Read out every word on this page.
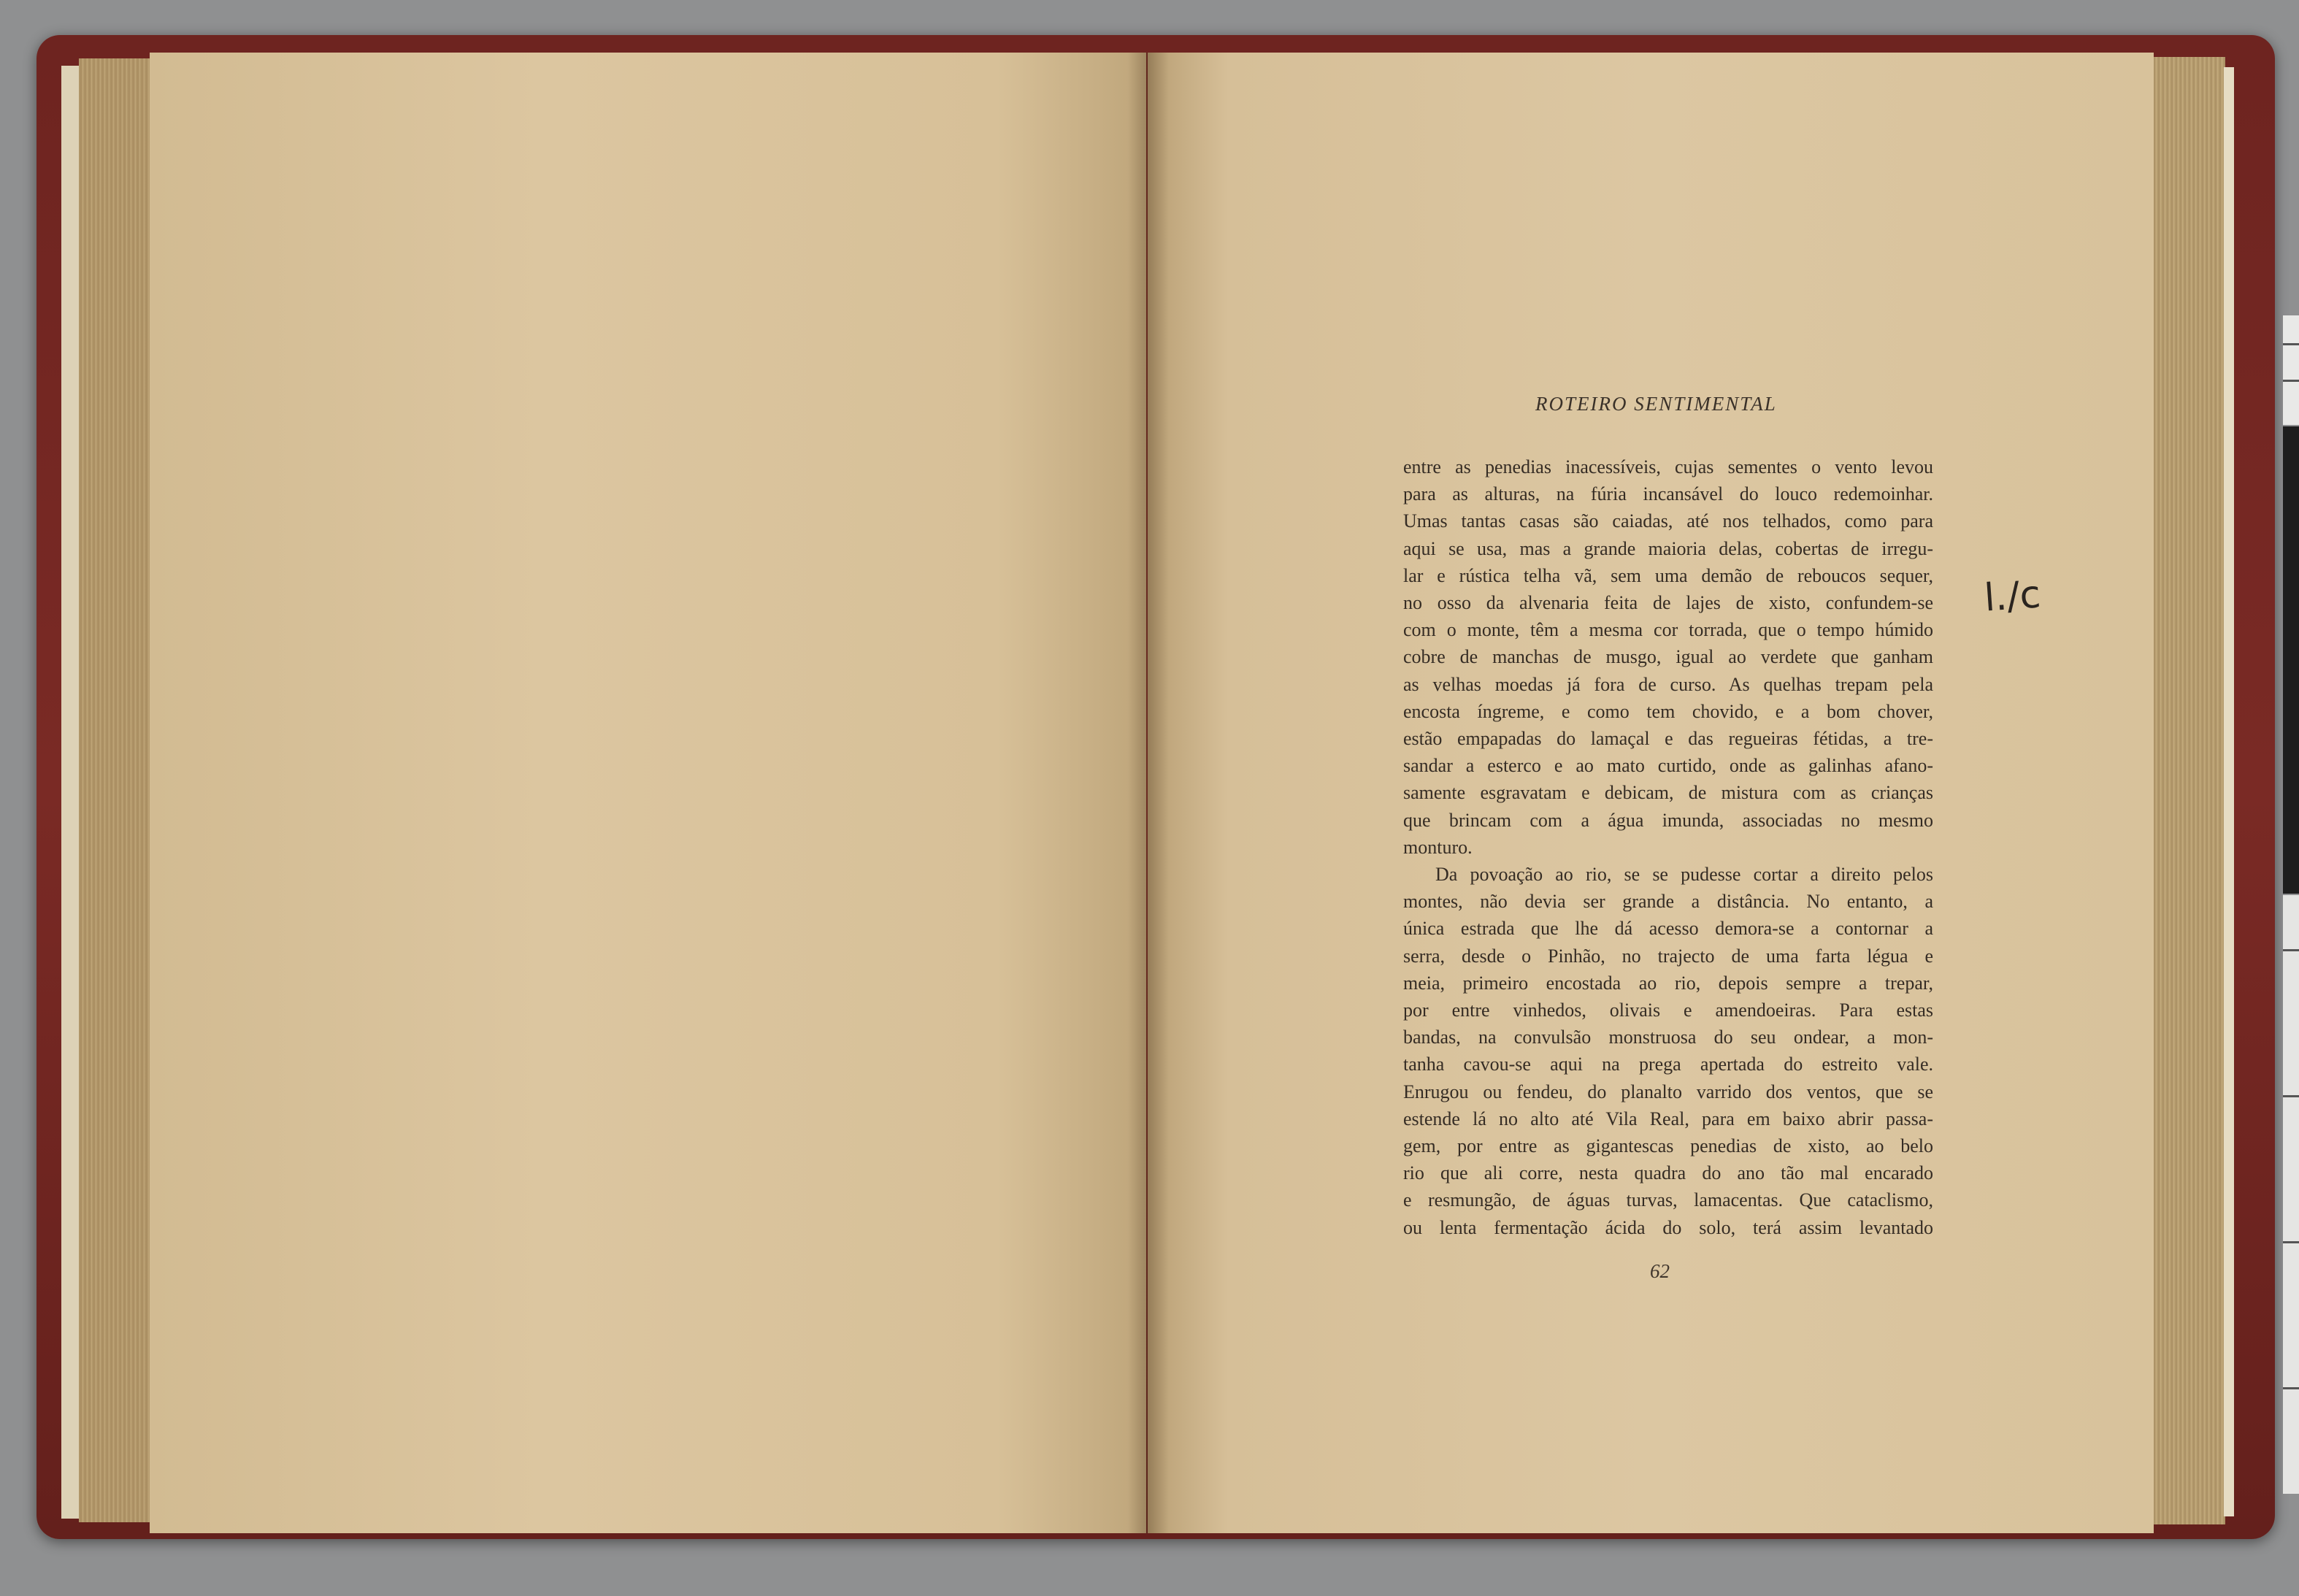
ROTEIRO SENTIMENTAL
entre as penedias inacessíveis, cujas sementes o vento levou
para as alturas, na fúria incansável do louco redemoinhar.
Umas tantas casas são caiadas, até nos telhados, como para
aqui se usa, mas a grande maioria delas, cobertas de irregu-
lar e rústica telha vã, sem uma demão de reboucos sequer,
no osso da alvenaria feita de lajes de xisto, confundem-se
com o monte, têm a mesma cor torrada, que o tempo húmido
cobre de manchas de musgo, igual ao verdete que ganham
as velhas moedas já fora de curso. As quelhas trepam pela
encosta íngreme, e como tem chovido, e a bom chover,
estão empapadas do lamaçal e das regueiras fétidas, a tre-
sandar a esterco e ao mato curtido, onde as galinhas afano-
samente esgravatam e debicam, de mistura com as crianças
que brincam com a água imunda, associadas no mesmo
monturo.
Da povoação ao rio, se se pudesse cortar a direito pelos
montes, não devia ser grande a distância. No entanto, a
única estrada que lhe dá acesso demora-se a contornar a
serra, desde o Pinhão, no trajecto de uma farta légua e
meia, primeiro encostada ao rio, depois sempre a trepar,
por entre vinhedos, olivais e amendoeiras. Para estas
bandas, na convulsão monstruosa do seu ondear, a mon-
tanha cavou-se aqui na prega apertada do estreito vale.
Enrugou ou fendeu, do planalto varrido dos ventos, que se
estende lá no alto até Vila Real, para em baixo abrir passa-
gem, por entre as gigantescas penedias de xisto, ao belo
rio que ali corre, nesta quadra do ano tão mal encarado
e resmungão, de águas turvas, lamacentas. Que cataclismo,
ou lenta fermentação ácida do solo, terá assim levantado
62
l./c
